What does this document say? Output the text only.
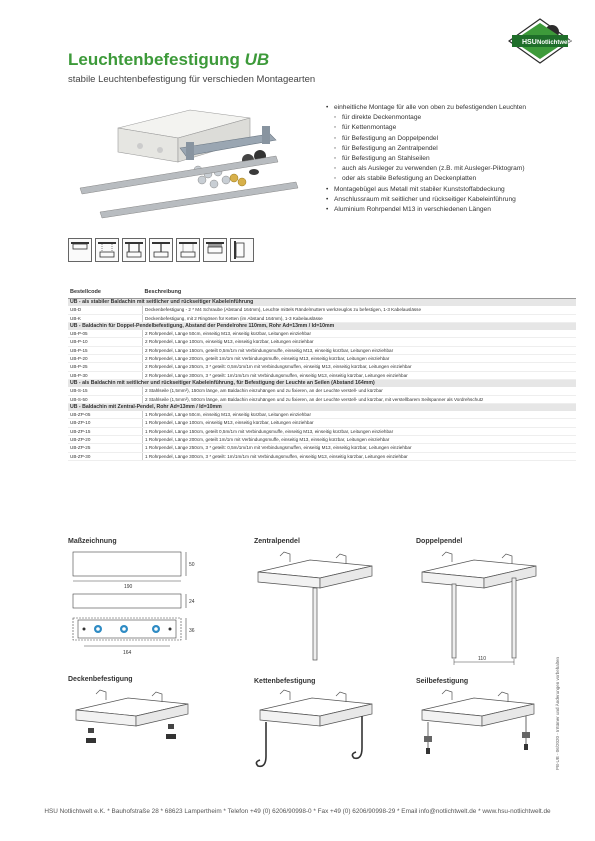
Leuchtenbefestigung UB
stabile Leuchtenbefestigung für verschieden Montagearten
HSU Notlichtwelt
• einheitliche Montage für alle von oben zu befestigenden Leuchten
◦ für direkte Deckenmontage
◦ für Kettenmontage
◦ für Befestigung an Doppelpendel
◦ für Befestigung an Zentralpendel
◦ für Befestigung an Stahlseilen
◦ auch als Ausleger zu verwenden (z.B. mit Ausleger-Piktogram)
◦ oder als stabile Befestigung an Deckenplatten
• Montagebügel aus Metall mit stabiler Kunststoffabdeckung
• Anschlussraum mit seitlicher und rückseitiger Kabeleinführung
• Aluminium Rohrpendel M13 in verschiedenen Längen
Bestellcode	Beschreibung
UB - als stabiler Baldachin mit seitlicher und rückseitiger Kabeleinführung	
UB-D	Deckenbefestigung - 2 * M4 Schraube (Abstand 164mm), Leuchte mittels Rändelmuttern werkzeuglos zu befestigen, 1-3 Kabelauslässe
UB-K	Deckenbefestigung, mit 2 Ringösen für Ketten (im Abstand 164mm), 1-3 Kabelauslässe
UB - Baldachin für Doppel-Pendelbefestigung, Abstand der Pendelrohre 110mm, Rohr Ad=13mm / Id=10mm	
UB-P-05	2 Rohrpendel, Länge 50cm, einseitig M13, einseitig kürzbar, Leitungen einziehbar
UB-P-10	2 Rohrpendel, Länge 100cm, einseitig M13, einseitig kürzbar, Leitungen einziehbar
UB-P-15	2 Rohrpendel, Länge 150cm, geteilt 0,5m/1m mit Verbindungsmuffe, einseitig M13, einseitig kürzbar, Leitungen einziehbar
UB-P-20	2 Rohrpendel, Länge 200cm, geteilt 1m/1m mit Verbindungsmuffe, einseitig M13, einseitig kürzbar, Leitungen einziehbar
UB-P-25	2 Rohrpendel, Länge 250cm, 3 * geteilt: 0,5m/1m/1m mit Verbindungsmuffen, einseitig M13, einseitig kürzbar, Leitungen einziehbar
UB-P-30	2 Rohrpendel, Länge 300cm, 3 * geteilt: 1m/1m/1m mit Verbindungsmuffen, einseitig M13, einseitig kürzbar, Leitungen einziehbar
UB - als Baldachin mit seitlicher und rückseitiger Kabeleinführung, für Befestigung der Leuchte an Seilen (Abstand 164mm)	
UB-S-15	2 Stahlseile (1,5mm²), 150cm länge, am Baldachin einzuhängen und zu fixieren, an der Leuchte verstell- und kürzbar
UB-S-50	2 Stahlseile (1,5mm²), 500cm länge, am Baldachin einzuhängen und zu fixieren, an der Leuchte verstell- und kürzbar, mit verstellbarem Seilspanner als Vordrehschutz
UB - Baldachin mit Zentral-Pendel, Rohr Ad=13mm / Id=10mm	
UB-ZP-05	1 Rohrpendel, Länge 50cm, einseitig M13, einseitig kürzbar, Leitungen einziehbar
UB-ZP-10	1 Rohrpendel, Länge 100cm, einseitig M13, einseitig kürzbar, Leitungen einziehbar
UB-ZP-15	1 Rohrpendel, Länge 150cm, geteilt 0,5m/1m mit Verbindungsmuffe, einseitig M13, einseitig kürzbar, Leitungen einziehbar
UB-ZP-20	1 Rohrpendel, Länge 200cm, geteilt 1m/1m mit Verbindungsmuffe, einseitig M13, einseitig kürzbar, Leitungen einziehbar
UB-ZP-25	1 Rohrpendel, Länge 250cm, 3 * geteilt: 0,5m/1m/1m mit Verbindungsmuffen, einseitig M13, einseitig kürzbar, Leitungen einziehbar
UB-ZP-30	1 Rohrpendel, Länge 300cm, 3 * geteilt: 1m/1m/1m mit Verbindungsmuffen, einseitig M13, einseitig kürzbar, Leitungen einziehbar
Maßzeichnung	Zentralpendel	Doppelpendel
Deckenbefestigung	Kettenbefestigung	Seilbefestigung
190
50
24
36
164
110	PB-UB - 06/2020 - Irrtümer und Änderungen vorbehalten
HSU Notlichtwelt e.K. * Bauhofstraße 28 * 68623 Lampertheim * Telefon +49 (0) 6206/90998-0 * Fax +49 (0) 6206/90998-29 * Email info@notlichtwelt.de * www.hsu-notlichtwelt.de
